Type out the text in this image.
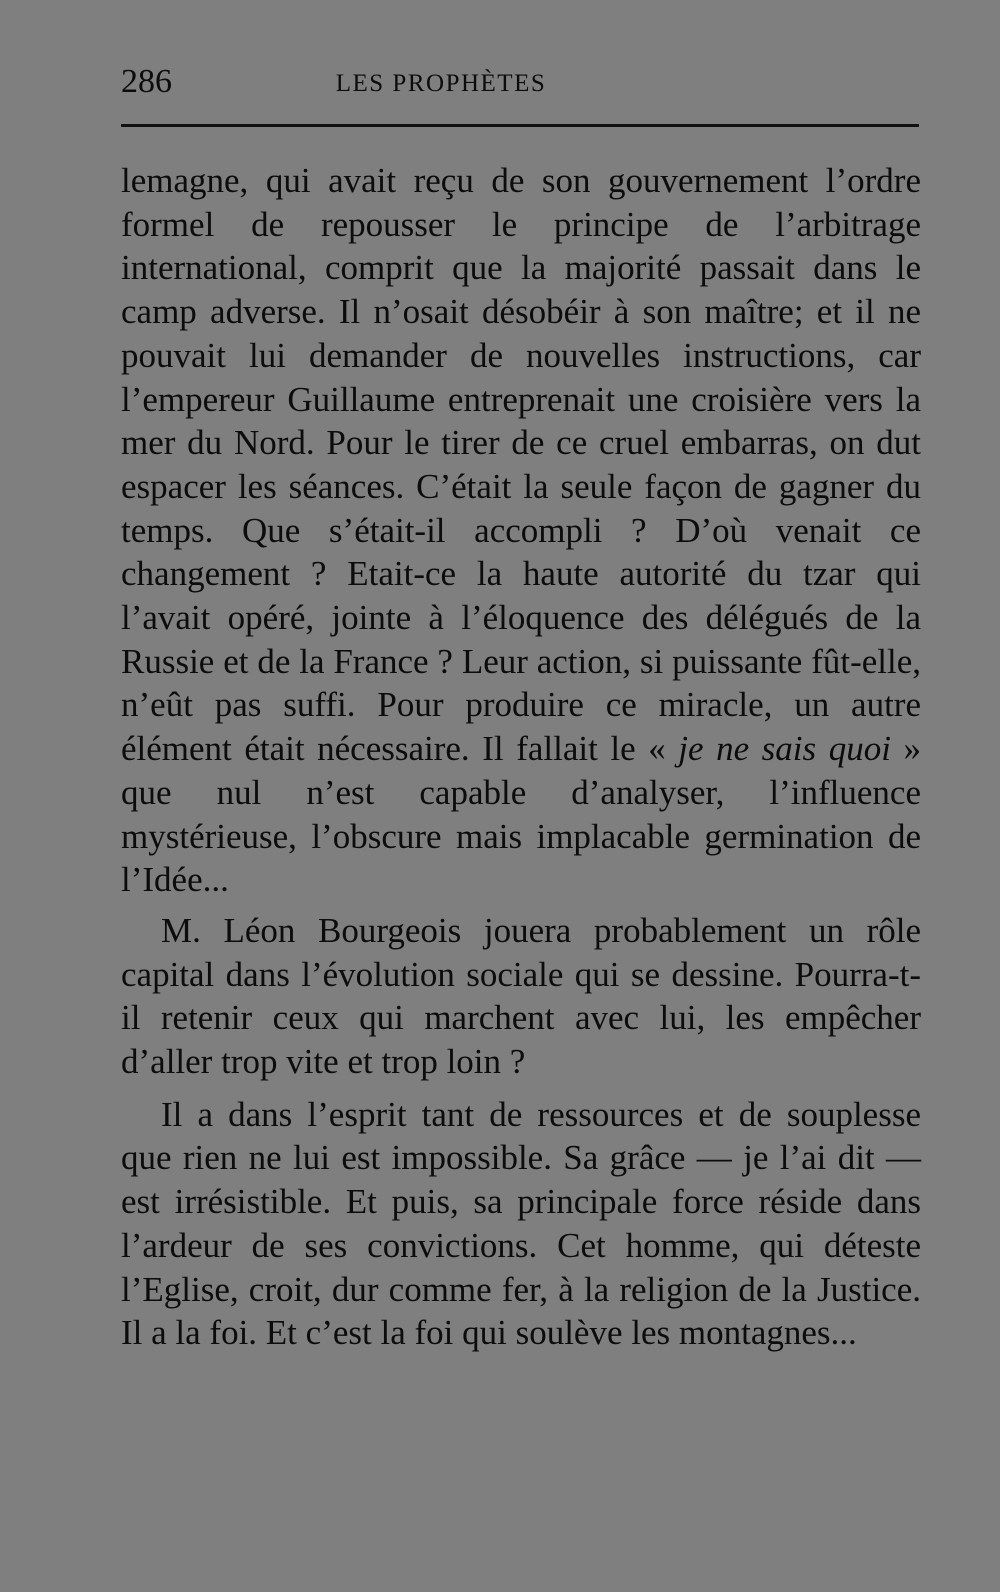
286	LES PROPHÈTES

lemagne, qui avait reçu de son gouvernement l’ordre formel de repousser le principe de l’arbitrage international, comprit que la majorité passait dans le camp adverse. Il n’osait désobéir à son maître; et il ne pouvait lui demander de nouvelles instructions, car l’empereur Guillaume entreprenait une croisière vers la mer du Nord. Pour le tirer de ce cruel embarras, on dut espacer les séances. C’était la seule façon de gagner du temps. Que s’était-il accompli ? D’où venait ce changement ? Etait-ce la haute autorité du tzar qui l’avait opéré, jointe à l’éloquence des délégués de la Russie et de la France ? Leur action, si puissante fût-elle, n’eût pas suffi. Pour produire ce miracle, un autre élément était nécessaire. Il fallait le « je ne sais quoi » que nul n’est capable d’analyser, l’influence mystérieuse, l’obscure mais implacable germination de l’Idée...

M. Léon Bourgeois jouera probablement un rôle capital dans l’évolution sociale qui se dessine. Pourra-t-il retenir ceux qui marchent avec lui, les empêcher d’aller trop vite et trop loin ?

Il a dans l’esprit tant de ressources et de souplesse que rien ne lui est impossible. Sa grâce — je l’ai dit — est irrésistible. Et puis, sa principale force réside dans l’ardeur de ses convictions. Cet homme, qui déteste l’Eglise, croit, dur comme fer, à la religion de la Justice. Il a la foi. Et c’est la foi qui soulève les montagnes...
